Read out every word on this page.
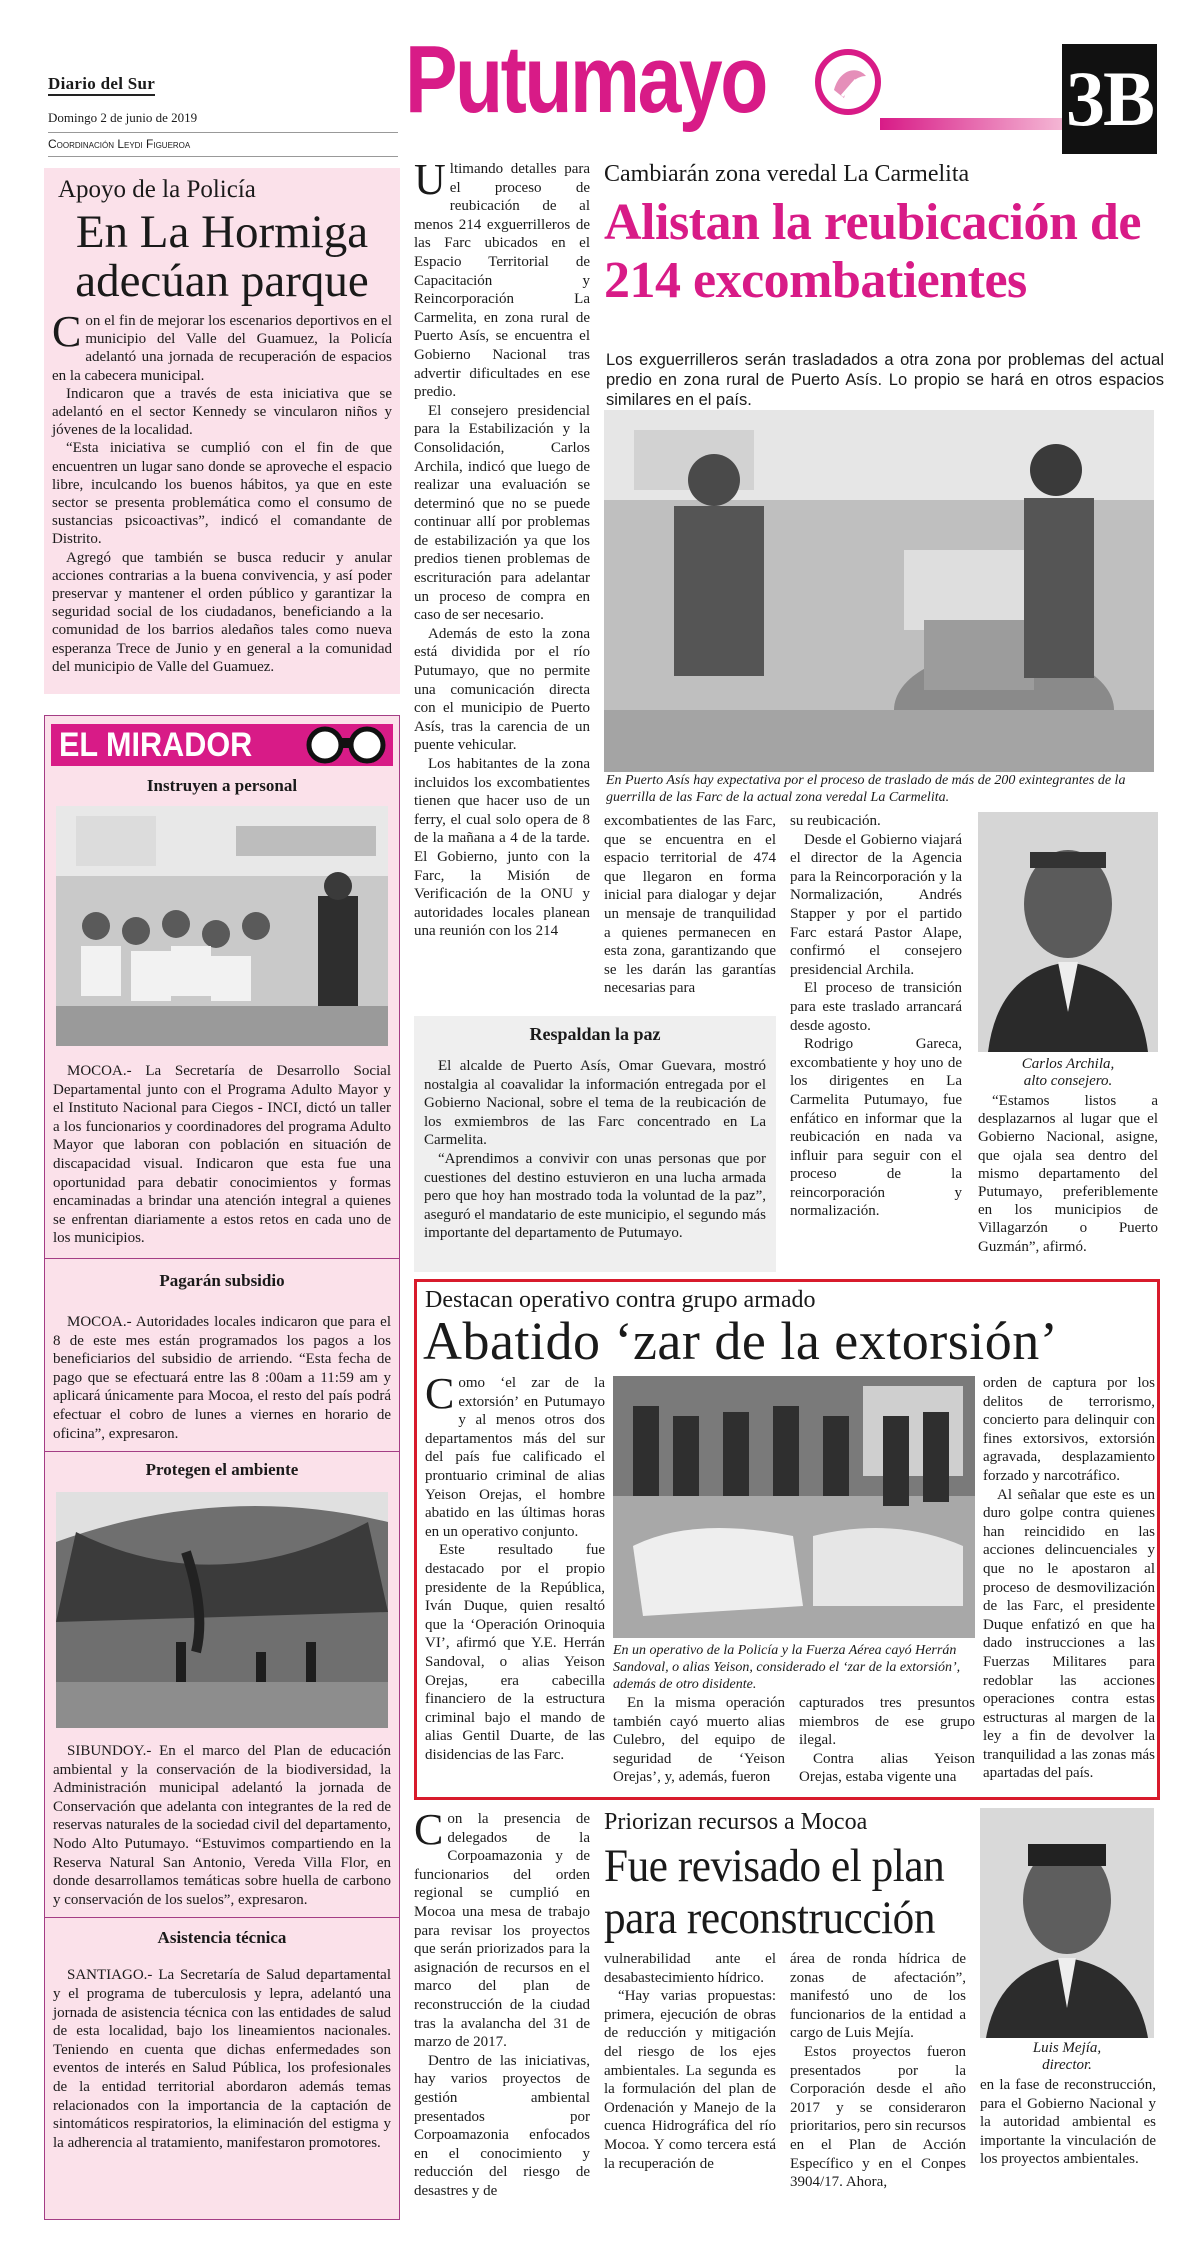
Diario del Sur
Domingo 2 de junio de 2019
Coordinación Leydi Figueroa
Putumayo	3B
Apoyo de la Policía
En La Hormiga adecúan parque

Con el fin de mejorar los escenarios deportivos en el municipio del Valle del Guamuez, la Policía adelantó una jornada de recuperación de espacios en la cabecera municipal.

Indicaron que a través de esta iniciativa que se adelantó en el sector Kennedy se vincularon niños y jóvenes de la localidad.

“Esta iniciativa se cumplió con el fin de que encuentren un lugar sano donde se aproveche el espacio libre, inculcando los buenos hábitos, ya que en este sector se presenta problemática como el consumo de sustancias psicoactivas”, indicó el comandante de Distrito.

Agregó que también se busca reducir y anular acciones contrarias a la buena convivencia, y así poder preservar y mantener el orden público y garantizar la seguridad social de los ciudadanos, beneficiando a la comunidad de los barrios aledaños tales como nueva esperanza Trece de Junio y en general a la comunidad del municipio de Valle del Guamuez.

EL MIRADOR
Instruyen a personal

MOCOA.- La Secretaría de Desarrollo Social Departamental junto con el Programa Adulto Mayor y el Instituto Nacional para Ciegos - INCI, dictó un taller a los funcionarios y coordinadores del programa Adulto Mayor que laboran con población en situación de discapacidad visual. Indicaron que esta fue una oportunidad para debatir conocimientos y formas encaminadas a brindar una atención integral a quienes se enfrentan diariamente a estos retos en cada uno de los municipios.

Pagarán subsidio

MOCOA.- Autoridades locales indicaron que para el 8 de este mes están programados los pagos a los beneficiarios del subsidio de arriendo. “Esta fecha de pago que se efectuará entre las 8 :00am a 11:59 am y aplicará únicamente para Mocoa, el resto del país podrá efectuar el cobro de lunes a viernes en horario de oficina”, expresaron.

Protegen el ambiente

SIBUNDOY.- En el marco del Plan de educación ambiental y la conservación de la biodiversidad, la Administración municipal adelantó la jornada de Conservación que adelanta con integrantes de la red de reservas naturales de la sociedad civil del departamento, Nodo Alto Putumayo. “Estuvimos compartiendo en la Reserva Natural San Antonio, Vereda Villa Flor, en donde desarrollamos temáticas sobre huella de carbono y conservación de los suelos”, expresaron.

Asistencia técnica

SANTIAGO.- La Secretaría de Salud departamental y el programa de tuberculosis y lepra, adelantó una jornada de asistencia técnica con las entidades de salud de esta localidad, bajo los lineamientos nacionales. Teniendo en cuenta que dichas enfermedades son eventos de interés en Salud Pública, los profesionales de la entidad territorial abordaron además temas relacionados con la importancia de la captación de sintomáticos respiratorios, la eliminación del estigma y la adherencia al tratamiento, manifestaron promotores.

Ultimando detalles para el proceso de reubicación de al menos 214 exguerrilleros de las Farc ubicados en el Espacio Territorial de Capacitación y Reincorporación La Carmelita, en zona rural de Puerto Asís, se encuentra el Gobierno Nacional tras advertir dificultades en ese predio.

El consejero presidencial para la Estabilización y la Consolidación, Carlos Archila, indicó que luego de realizar una evaluación se determinó que no se puede continuar allí por problemas de estabilización ya que los predios tienen problemas de escrituración para adelantar un proceso de compra en caso de ser necesario.

Además de esto la zona está dividida por el río Putumayo, que no permite una comunicación directa con el municipio de Puerto Asís, tras la carencia de un puente vehicular.

Los habitantes de la zona incluidos los excombatientes tienen que hacer uso de un ferry, el cual solo opera de 8 de la mañana a 4 de la tarde. El Gobierno, junto con la Farc, la Misión de Verificación de la ONU y autoridades locales planean una reunión con los 214

Cambiarán zona veredal La Carmelita
Alistan la reubicación de 214 excombatientes
Los exguerrilleros serán trasladados a otra zona por problemas del actual predio en zona rural de Puerto Asís. Lo propio se hará en otros espacios similares en el país.
En Puerto Asís hay expectativa por el proceso de traslado de más de 200 exintegrantes de la guerrilla de las Farc de la actual zona veredal La Carmelita.

excombatientes de las Farc, que se encuentra en el espacio territorial de 474 que llegaron en forma inicial para dialogar y dejar un mensaje de tranquilidad a quienes permanecen en esta zona, garantizando que se les darán las garantías necesarias para

su reubicación.

Desde el Gobierno viajará el director de la Agencia para la Reincorporación y la Normalización, Andrés Stapper y por el partido Farc estará Pastor Alape, confirmó el consejero presidencial Archila.

El proceso de transición para este traslado arrancará desde agosto.

Rodrigo Gareca, excombatiente y hoy uno de los dirigentes en La Carmelita Putumayo, fue enfático en informar que la reubicación en nada va influir para seguir con el proceso de la reincorporación y normalización.

Carlos Archila,
alto consejero.

“Estamos listos a desplazarnos al lugar que el Gobierno Nacional, asigne, que ojala sea dentro del mismo departamento del Putumayo, preferiblemente en los municipios de Villagarzón o Puerto Guzmán”, afirmó.

Respaldan la paz

El alcalde de Puerto Asís, Omar Guevara, mostró nostalgia al coavalidar la información entregada por el Gobierno Nacional, sobre el tema de la reubicación de los exmiembros de las Farc concentrado en La Carmelita.

“Aprendimos a convivir con unas personas que por cuestiones del destino estuvieron en una lucha armada pero que hoy han mostrado toda la voluntad de la paz”, aseguró el mandatario de este municipio, el segundo más importante del departamento de Putumayo.

Destacan operativo contra grupo armado
Abatido ‘zar de la extorsión’

Como ‘el zar de la extorsión’ en Putumayo y al menos otros dos departamentos más del sur del país fue calificado el prontuario criminal de alias Yeison Orejas, el hombre abatido en las últimas horas en un operativo conjunto.

Este resultado fue destacado por el propio presidente de la República, Iván Duque, quien resaltó que la ‘Operación Orinoquia VI’, afirmó que Y.E. Herrán Sandoval, o alias Yeison Orejas, era cabecilla financiero de la estructura criminal bajo el mando de alias Gentil Duarte, de las disidencias de las Farc.

En un operativo de la Policía y la Fuerza Aérea cayó Herrán Sandoval, o alias Yeison, considerado el ‘zar de la extorsión’, además de otro disidente.

En la misma operación también cayó muerto alias Culebro, del equipo de seguridad de ‘Yeison Orejas’, y, además, fueron

capturados tres presuntos miembros de ese grupo ilegal.

Contra alias Yeison Orejas, estaba vigente una

orden de captura por los delitos de terrorismo, concierto para delinquir con fines extorsivos, extorsión agravada, desplazamiento forzado y narcotráfico.

Al señalar que este es un duro golpe contra quienes han reincidido en las acciones delincuenciales y que no le apostaron al proceso de desmovilización de las Farc, el presidente Duque enfatizó en que ha dado instrucciones a las Fuerzas Militares para redoblar las acciones operaciones contra estas estructuras al margen de la ley a fin de devolver la tranquilidad a las zonas más apartadas del país.

Con la presencia de delegados de la Corpoamazonia y de funcionarios del orden regional se cumplió en Mocoa una mesa de trabajo para revisar los proyectos que serán priorizados para la asignación de recursos en el marco del plan de reconstrucción de la ciudad tras la avalancha del 31 de marzo de 2017.

Dentro de las iniciativas, hay varios proyectos de gestión ambiental presentados por Corpoamazonia enfocados en el conocimiento y reducción del riesgo de desastres y de

Priorizan recursos a Mocoa
Fue revisado el plan para reconstrucción

vulnerabilidad ante el desabastecimiento hídrico.

“Hay varias propuestas: primera, ejecución de obras de reducción y mitigación del riesgo de los ejes ambientales. La segunda es la formulación del plan de Ordenación y Manejo de la cuenca Hidrográfica del río Mocoa. Y como tercera está la recuperación de

área de ronda hídrica de zonas de afectación”, manifestó uno de los funcionarios de la entidad a cargo de Luis Mejía.

Estos proyectos fueron presentados por la Corporación desde el año 2017 y se consideraron prioritarios, pero sin recursos en el Plan de Acción Específico y en el Conpes 3904/17. Ahora,

Luis Mejía,
director.

en la fase de reconstrucción, para el Gobierno Nacional y la autoridad ambiental es importante la vinculación de los proyectos ambientales.
